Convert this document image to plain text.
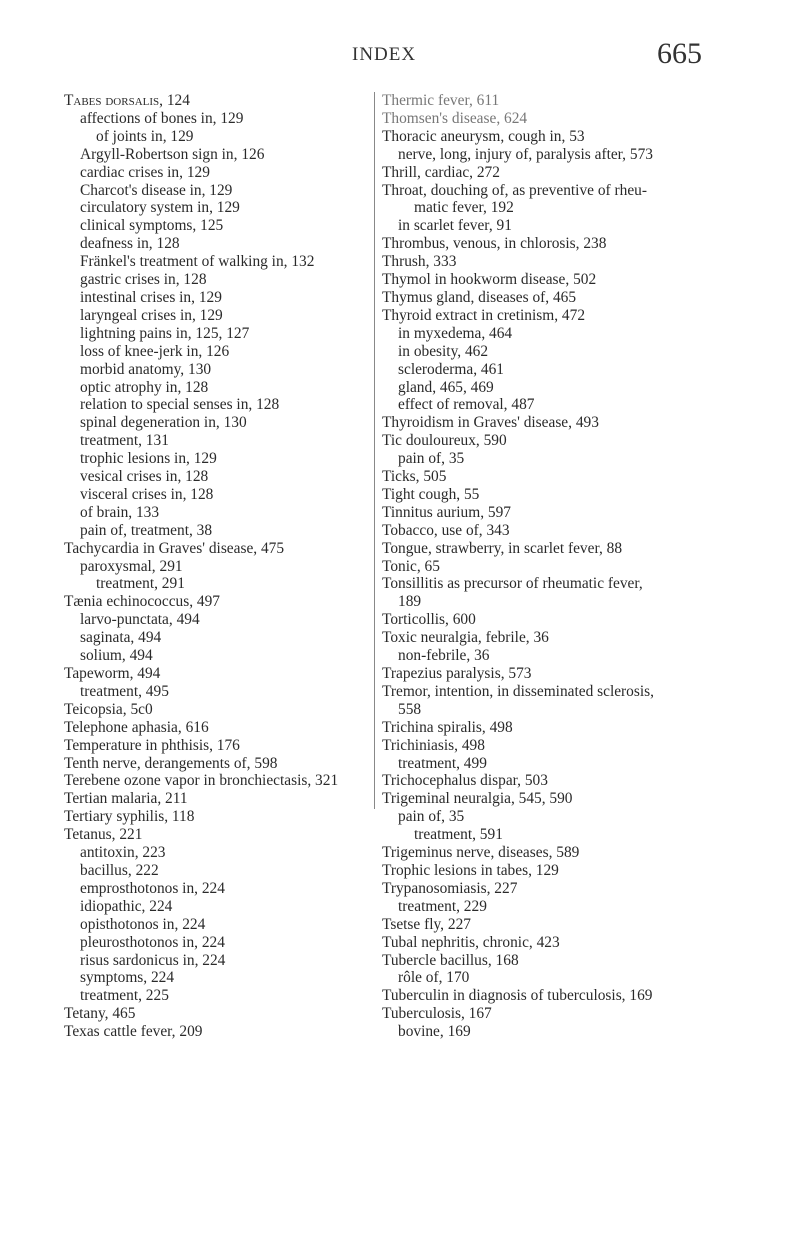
INDEX	665
Tabes dorsalis, 124
affections of bones in, 129
of joints in, 129
Argyll-Robertson sign in, 126
cardiac crises in, 129
Charcot's disease in, 129
circulatory system in, 129
clinical symptoms, 125
deafness in, 128
Fränkel's treatment of walking in, 132
gastric crises in, 128
intestinal crises in, 129
laryngeal crises in, 129
lightning pains in, 125, 127
loss of knee-jerk in, 126
morbid anatomy, 130
optic atrophy in, 128
relation to special senses in, 128
spinal degeneration in, 130
treatment, 131
trophic lesions in, 129
vesical crises in, 128
visceral crises in, 128
of brain, 133
pain of, treatment, 38
Tachycardia in Graves' disease, 475
paroxysmal, 291
treatment, 291
Tænia echinococcus, 497
larvo-punctata, 494
saginata, 494
solium, 494
Tapeworm, 494
treatment, 495
Teicopsia, 5c0
Telephone aphasia, 616
Temperature in phthisis, 176
Tenth nerve, derangements of, 598
Terebene ozone vapor in bronchiectasis, 321
Tertian malaria, 211
Tertiary syphilis, 118
Tetanus, 221
antitoxin, 223
bacillus, 222
emprosthotonos in, 224
idiopathic, 224
opisthotonos in, 224
pleurosthotonos in, 224
risus sardonicus in, 224
symptoms, 224
treatment, 225
Tetany, 465
Texas cattle fever, 209
Thermic fever, 611
Thomsen's disease, 624
Thoracic aneurysm, cough in, 53
nerve, long, injury of, paralysis after, 573
Thrill, cardiac, 272
Throat, douching of, as preventive of rheu-
matic fever, 192
in scarlet fever, 91
Thrombus, venous, in chlorosis, 238
Thrush, 333
Thymol in hookworm disease, 502
Thymus gland, diseases of, 465
Thyroid extract in cretinism, 472
in myxedema, 464
in obesity, 462
scleroderma, 461
gland, 465, 469
effect of removal, 487
Thyroidism in Graves' disease, 493
Tic douloureux, 590
pain of, 35
Ticks, 505
Tight cough, 55
Tinnitus aurium, 597
Tobacco, use of, 343
Tongue, strawberry, in scarlet fever, 88
Tonic, 65
Tonsillitis as precursor of rheumatic fever,
189
Torticollis, 600
Toxic neuralgia, febrile, 36
non-febrile, 36
Trapezius paralysis, 573
Tremor, intention, in disseminated sclerosis,
558
Trichina spiralis, 498
Trichiniasis, 498
treatment, 499
Trichocephalus dispar, 503
Trigeminal neuralgia, 545, 590
pain of, 35
treatment, 591
Trigeminus nerve, diseases, 589
Trophic lesions in tabes, 129
Trypanosomiasis, 227
treatment, 229
Tsetse fly, 227
Tubal nephritis, chronic, 423
Tubercle bacillus, 168
rôle of, 170
Tuberculin in diagnosis of tuberculosis, 169
Tuberculosis, 167
bovine, 169
